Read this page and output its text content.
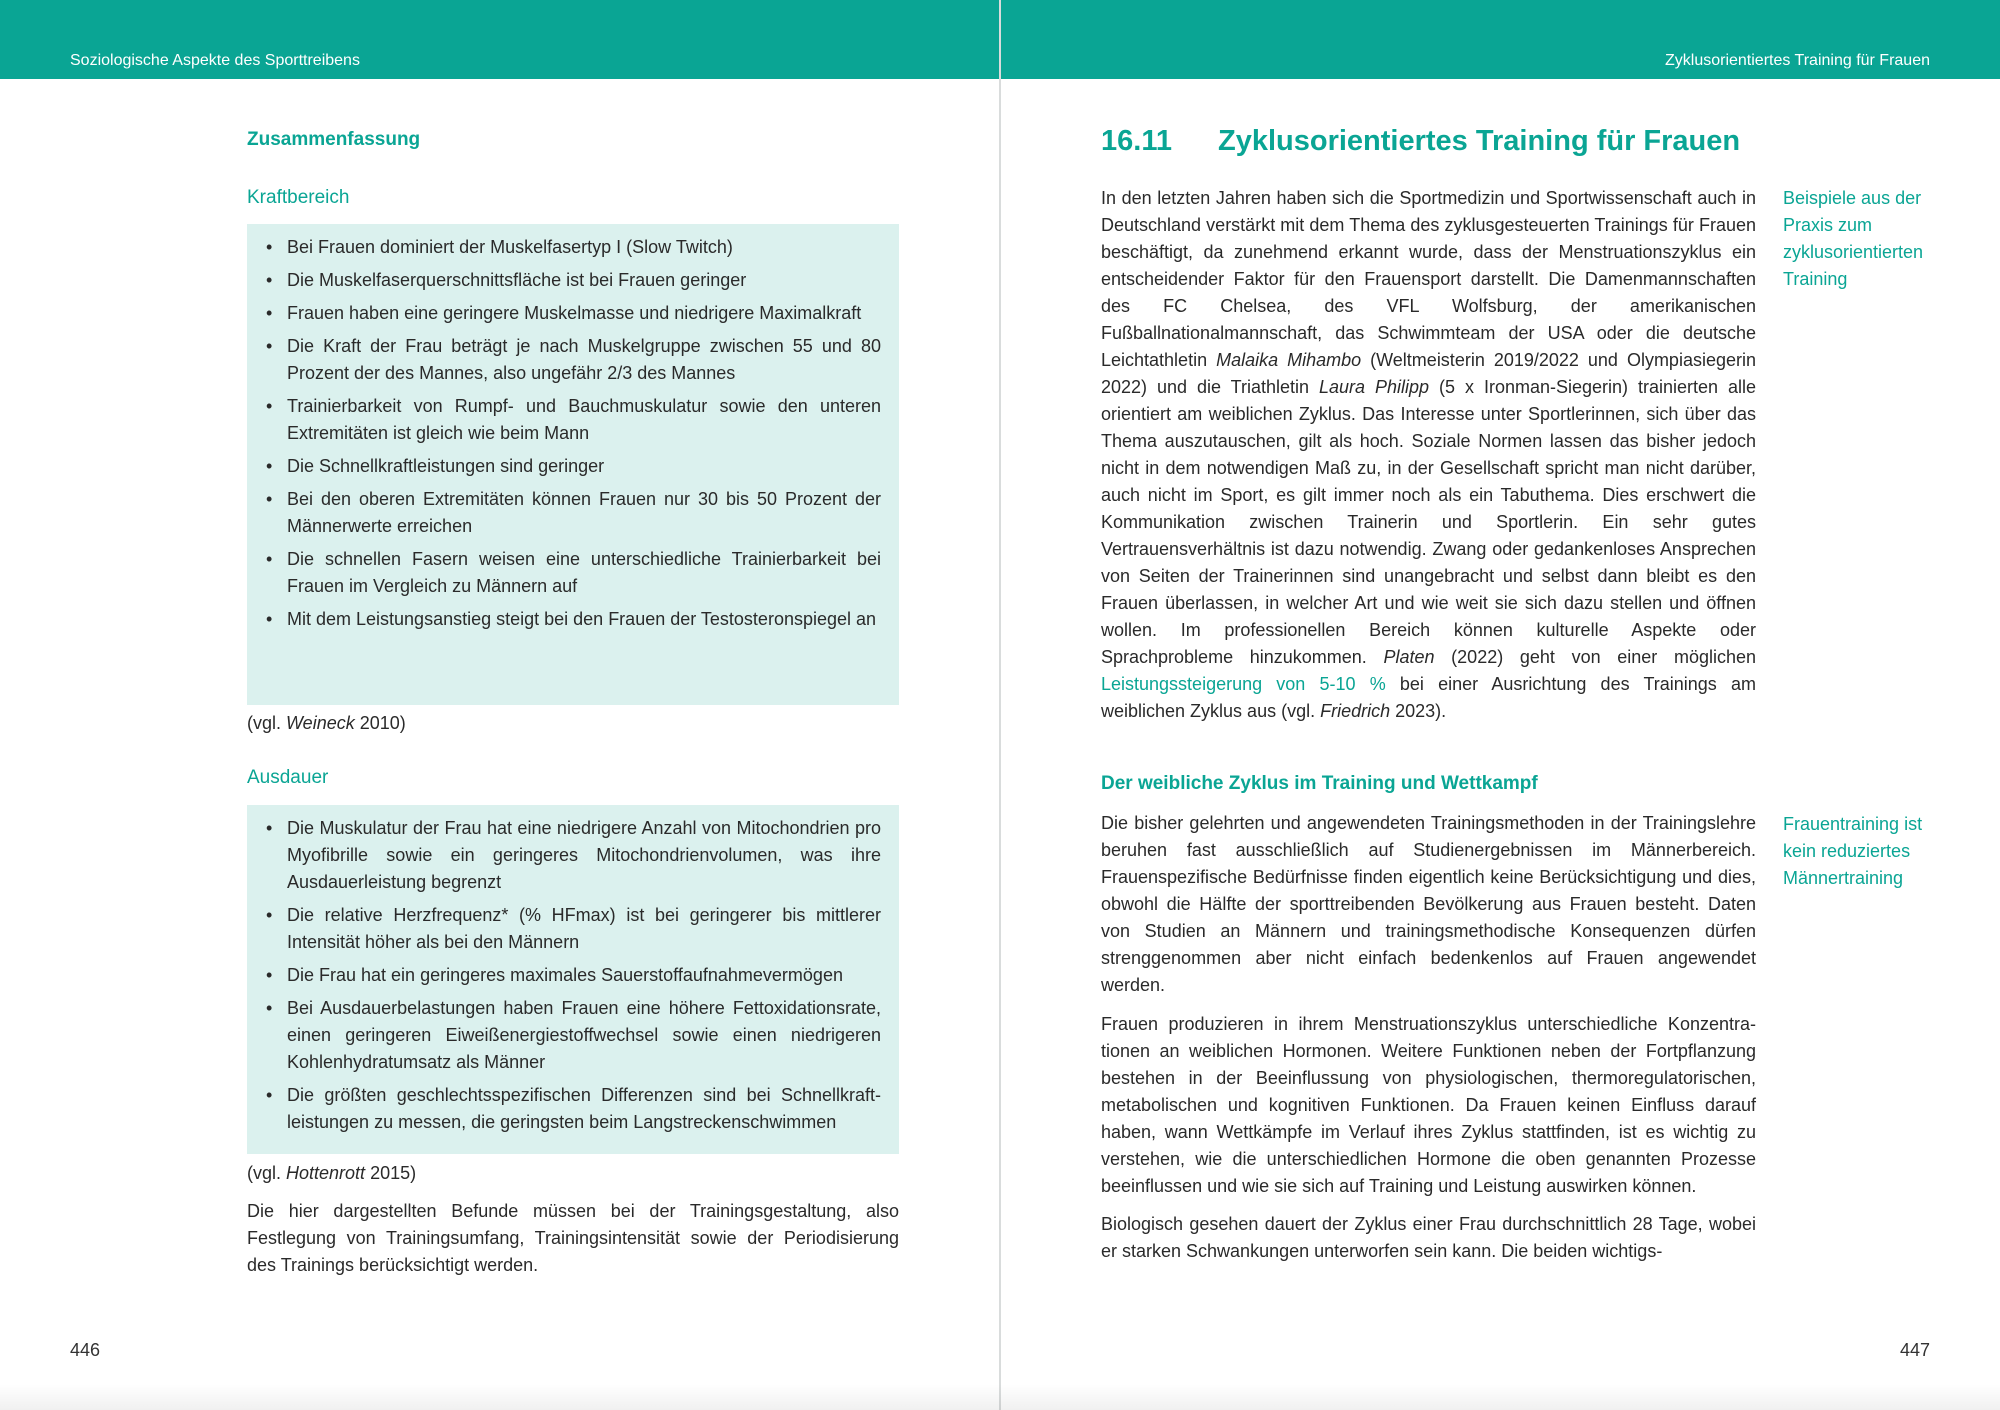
Soziologische Aspekte des Sporttreibens
Zusammenfassung
Kraftbereich
• Bei Frauen dominiert der Muskelfasertyp I (Slow Twitch)
• Die Muskelfaserquerschnittsfläche ist bei Frauen geringer
• Frauen haben eine geringere Muskelmasse und niedrigere Maximalkraft
• Die Kraft der Frau beträgt je nach Muskelgruppe zwischen 55 und 80 Prozent der des Mannes, also ungefähr 2/3 des Mannes
• Trainierbarkeit von Rumpf- und Bauchmuskulatur sowie den unteren Extremitäten ist gleich wie beim Mann
• Die Schnellkraftleistungen sind geringer
• Bei den oberen Extremitäten können Frauen nur 30 bis 50 Prozent der Männerwerte erreichen
• Die schnellen Fasern weisen eine unterschiedliche Trainierbarkeit bei Frauen im Vergleich zu Männern auf
• Mit dem Leistungsanstieg steigt bei den Frauen der Testosteronspiegel an
(vgl. Weineck 2010)
Ausdauer
• Die Muskulatur der Frau hat eine niedrigere Anzahl von Mitochondrien pro Myofibrille sowie ein geringeres Mitochondrienvolumen, was ihre Ausdauerleistung begrenzt
• Die relative Herzfrequenz* (% HFmax) ist bei geringerer bis mittlerer Intensität höher als bei den Männern
• Die Frau hat ein geringeres maximales Sauerstoffaufnahmevermögen
• Bei Ausdauerbelastungen haben Frauen eine höhere Fettoxidationsrate, einen geringeren Eiweißenergiestoffwechsel sowie einen niedrigeren Kohlenhydratumsatz als Männer
• Die größten geschlechtsspezifischen Differenzen sind bei Schnellkraftleistungen zu messen, die geringsten beim Langstreckenschwimmen
(vgl. Hottenrott 2015)
Die hier dargestellten Befunde müssen bei der Trainingsgestaltung, also Festlegung von Trainingsumfang, Trainingsintensität sowie der Periodisierung des Trainings berücksichtigt werden.
446
Zyklusorientiertes Training für Frauen
16.11 Zyklusorientiertes Training für Frauen
In den letzten Jahren haben sich die Sportmedizin und Sportwissenschaft auch in Deutschland verstärkt mit dem Thema des zyklusgesteuerten Trainings für Frauen beschäftigt, da zunehmend erkannt wurde, dass der Menstruationszyklus ein entscheidender Faktor für den Frauensport darstellt. Die Damenmannschaften des FC Chelsea, des VFL Wolfsburg, der amerikanischen Fußballnationalmannschaft, das Schwimmteam der USA oder die deutsche Leichtathletin Malaika Mihambo (Weltmeisterin 2019/2022 und Olympiasiegerin 2022) und die Triathletin Laura Philipp (5 x Ironman-Siegerin) trainierten alle orientiert am weiblichen Zyklus. Das Interesse unter Sportlerinnen, sich über das Thema auszutauschen, gilt als hoch. Soziale Normen lassen das bisher jedoch nicht in dem notwendigen Maß zu, in der Gesellschaft spricht man nicht darüber, auch nicht im Sport, es gilt immer noch als ein Tabuthema. Dies erschwert die Kommunikation zwischen Trainerin und Sportlerin. Ein sehr gutes Vertrauensverhältnis ist dazu notwendig. Zwang oder gedankenloses Ansprechen von Seiten der Trainerinnen sind unangebracht und selbst dann bleibt es den Frauen überlassen, in welcher Art und wie weit sie sich dazu stellen und öffnen wollen. Im professionellen Bereich können kulturelle Aspekte oder Sprachprobleme hinzukommen. Platen (2022) geht von einer möglichen Leistungssteigerung von 5-10 % bei einer Ausrichtung des Trainings am weiblichen Zyklus aus (vgl. Friedrich 2023).
Beispiele aus der Praxis zum zyklusorientierten Training
Der weibliche Zyklus im Training und Wettkampf
Die bisher gelehrten und angewendeten Trainingsmethoden in der Trainingslehre beruhen fast ausschließlich auf Studienergebnissen im Männerbereich. Frauenspezifische Bedürfnisse finden eigentlich keine Berücksichtigung und dies, obwohl die Hälfte der sporttreibenden Bevölkerung aus Frauen besteht. Daten von Studien an Männern und trainingsmethodische Konsequenzen dürfen strenggenommen aber nicht einfach bedenkenlos auf Frauen angewendet werden.
Frauentraining ist kein reduziertes Männertraining
Frauen produzieren in ihrem Menstruationszyklus unterschiedliche Konzentrationen an weiblichen Hormonen. Weitere Funktionen neben der Fortpflanzung bestehen in der Beeinflussung von physiologischen, thermoregulatorischen, metabolischen und kognitiven Funktionen. Da Frauen keinen Einfluss darauf haben, wann Wettkämpfe im Verlauf ihres Zyklus stattfinden, ist es wichtig zu verstehen, wie die unterschiedlichen Hormone die oben genannten Prozesse beeinflussen und wie sie sich auf Training und Leistung auswirken können.
Biologisch gesehen dauert der Zyklus einer Frau durchschnittlich 28 Tage, wobei er starken Schwankungen unterworfen sein kann. Die beiden wichtigs-
447
